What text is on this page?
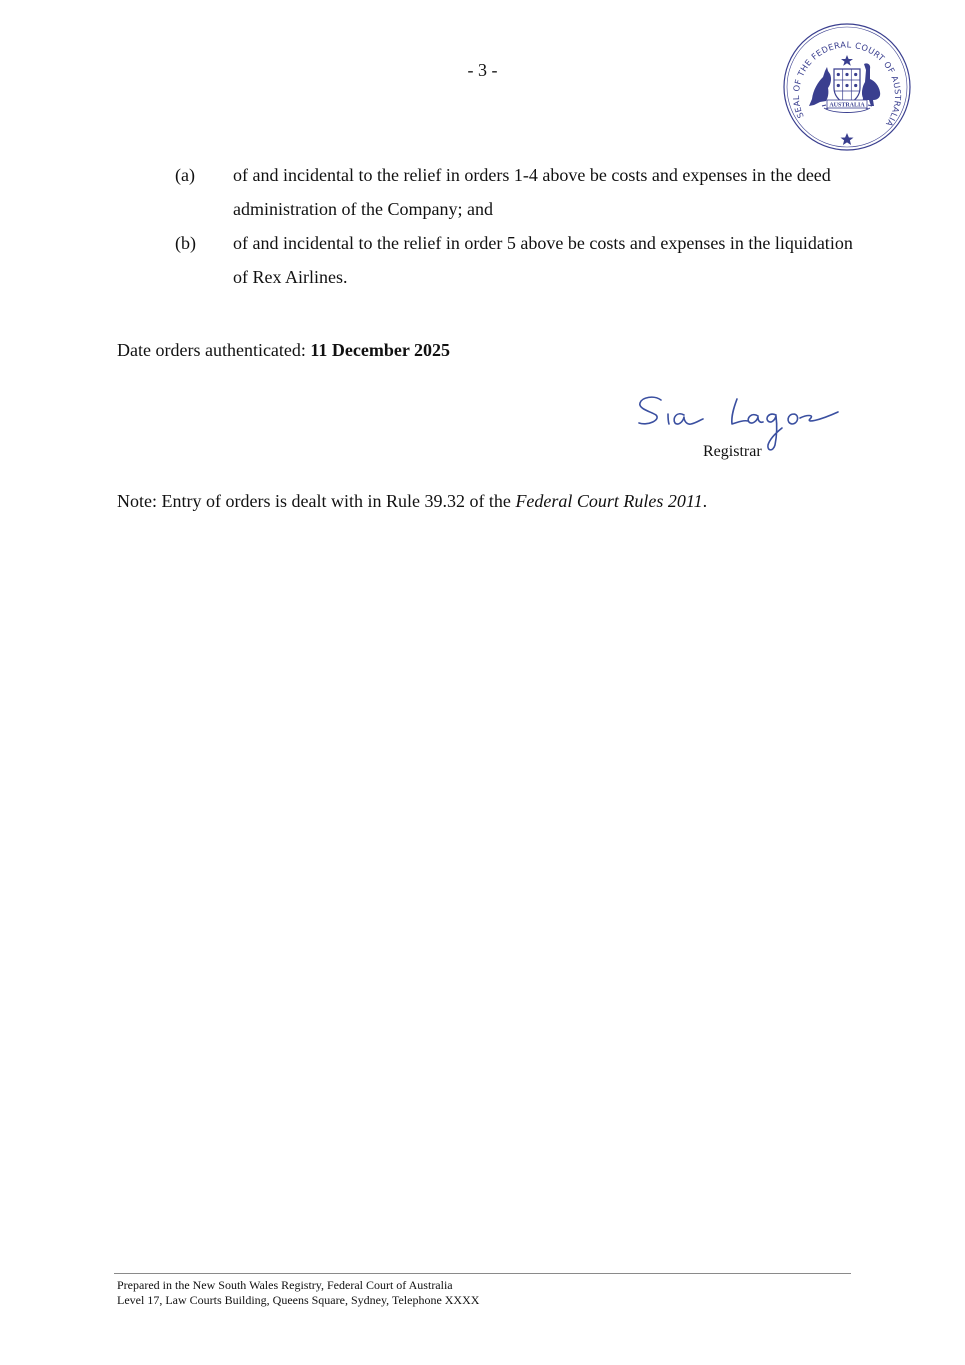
- 3 -
SEAL OF THE FEDERAL COURT OF AUSTRALIA
AUSTRALIA
(a)	of and incidental to the relief in orders 1-4 above be costs and expenses in the deed administration of the Company; and
(b)	of and incidental to the relief in order 5 above be costs and expenses in the liquidation of Rex Airlines.
Date orders authenticated: 11 December 2025
Registrar
Note: Entry of orders is dealt with in Rule 39.32 of the Federal Court Rules 2011.
Prepared in the New South Wales Registry, Federal Court of Australia
Level 17, Law Courts Building, Queens Square, Sydney, Telephone XXXX
